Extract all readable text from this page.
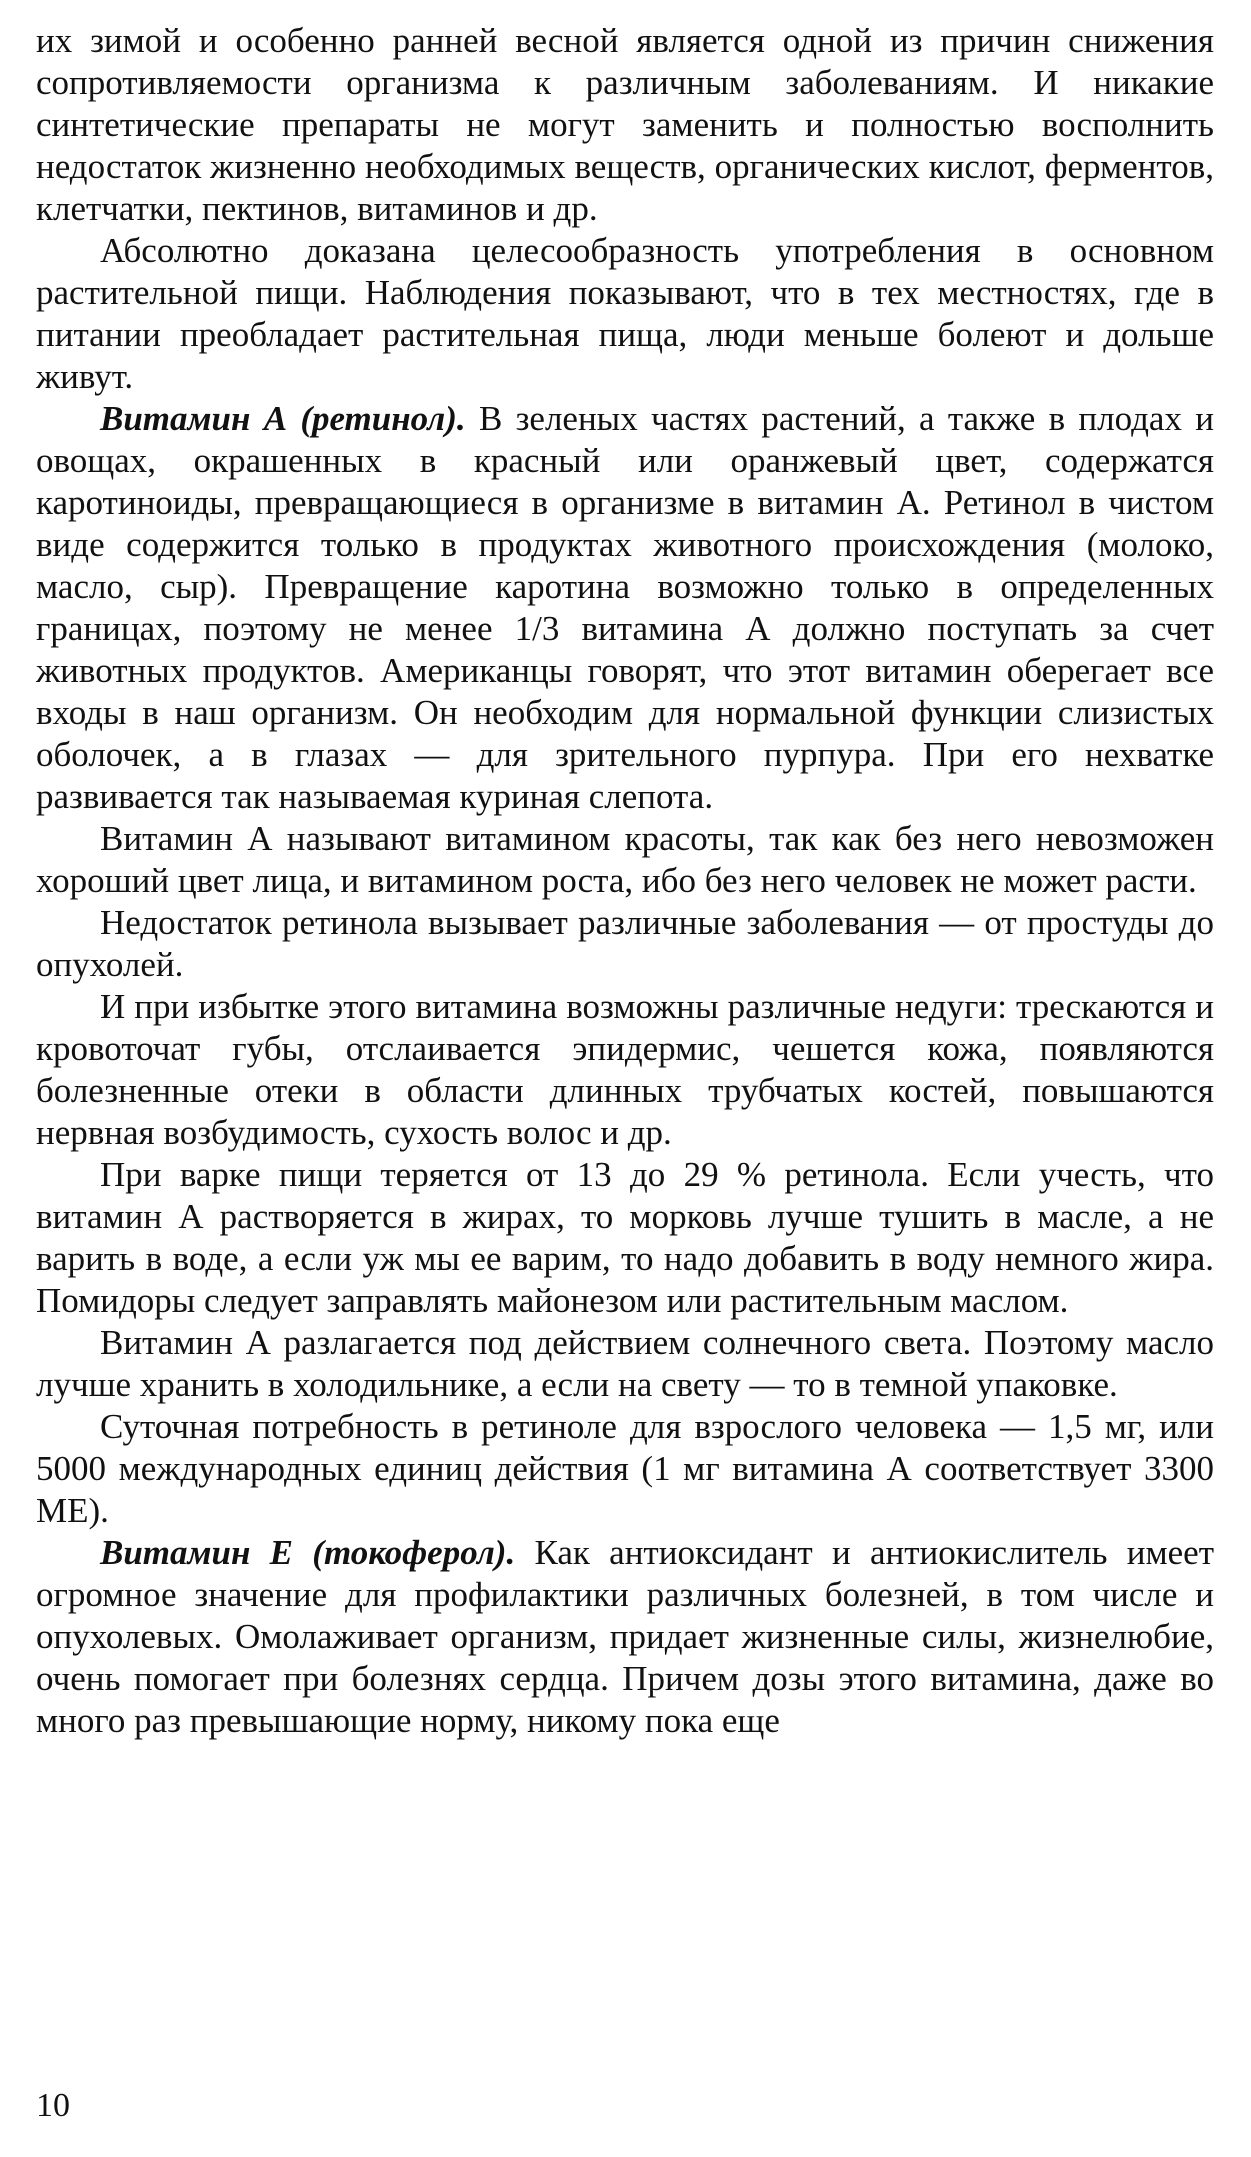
их зимой и особенно ранней весной является одной из причин снижения сопротивляемости организма к различным заболеваниям. И никакие синтетические препараты не могут заменить и полностью восполнить недостаток жизненно необходимых веществ, органических кислот, ферментов, клетчатки, пектинов, витаминов и др.

Абсолютно доказана целесообразность употребления в основном растительной пищи. Наблюдения показывают, что в тех местностях, где в питании преобладает растительная пища, люди меньше болеют и дольше живут.

Витамин А (ретинол). В зеленых частях растений, а также в плодах и овощах, окрашенных в красный или оранжевый цвет, содержатся каротиноиды, превращающиеся в организме в витамин А. Ретинол в чистом виде содержится только в продуктах животного происхождения (молоко, масло, сыр). Превращение каротина возможно только в определенных границах, поэтому не менее 1/3 витамина А должно поступать за счет животных продуктов. Американцы говорят, что этот витамин оберегает все входы в наш организм. Он необходим для нормальной функции слизистых оболочек, а в глазах — для зрительного пурпура. При его нехватке развивается так называемая куриная слепота.

Витамин А называют витамином красоты, так как без него невозможен хороший цвет лица, и витамином роста, ибо без него человек не может расти.

Недостаток ретинола вызывает различные заболевания — от простуды до опухолей.

И при избытке этого витамина возможны различные недуги: трескаются и кровоточат губы, отслаивается эпидермис, чешется кожа, появляются болезненные отеки в области длинных трубчатых костей, повышаются нервная возбудимость, сухость волос и др.

При варке пищи теряется от 13 до 29 % ретинола. Если учесть, что витамин А растворяется в жирах, то морковь лучше тушить в масле, а не варить в воде, а если уж мы ее варим, то надо добавить в воду немного жира. Помидоры следует заправлять майонезом или растительным маслом.

Витамин А разлагается под действием солнечного света. Поэтому масло лучше хранить в холодильнике, а если на свету — то в темной упаковке.

Суточная потребность в ретиноле для взрослого человека — 1,5 мг, или 5000 международных единиц действия (1 мг витамина А соответствует 3300 МЕ).

Витамин Е (токоферол). Как антиоксидант и антиокислитель имеет огромное значение для профилактики различных болезней, в том числе и опухолевых. Омолаживает организм, придает жизненные силы, жизнелюбие, очень помогает при болезнях сердца. Причем дозы этого витамина, даже во много раз превышающие норму, никому пока еще

10
